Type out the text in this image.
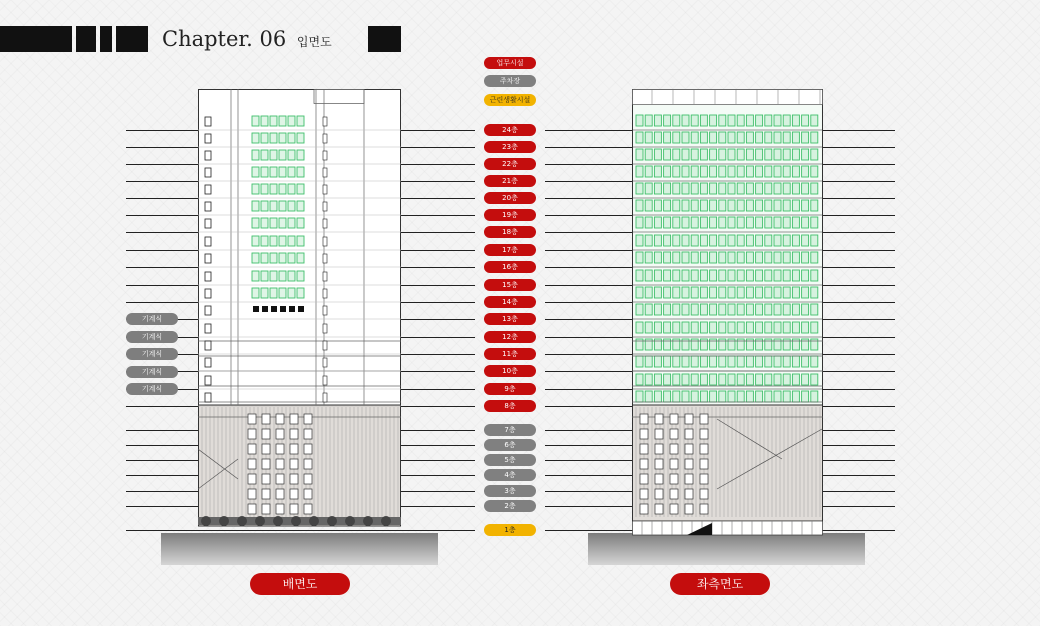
Chapter. 06 입면도
업무시설
주차장
근린생활시설
24층
23층
22층
21층
20층
19층
18층
17층
16층
15층
14층
13층
12층
11층
10층
9층
8층
7층
6층
5층
4층
3층
2층
1층
기계식
기계식
기계식
기계식
기계식
배면도	좌측면도
